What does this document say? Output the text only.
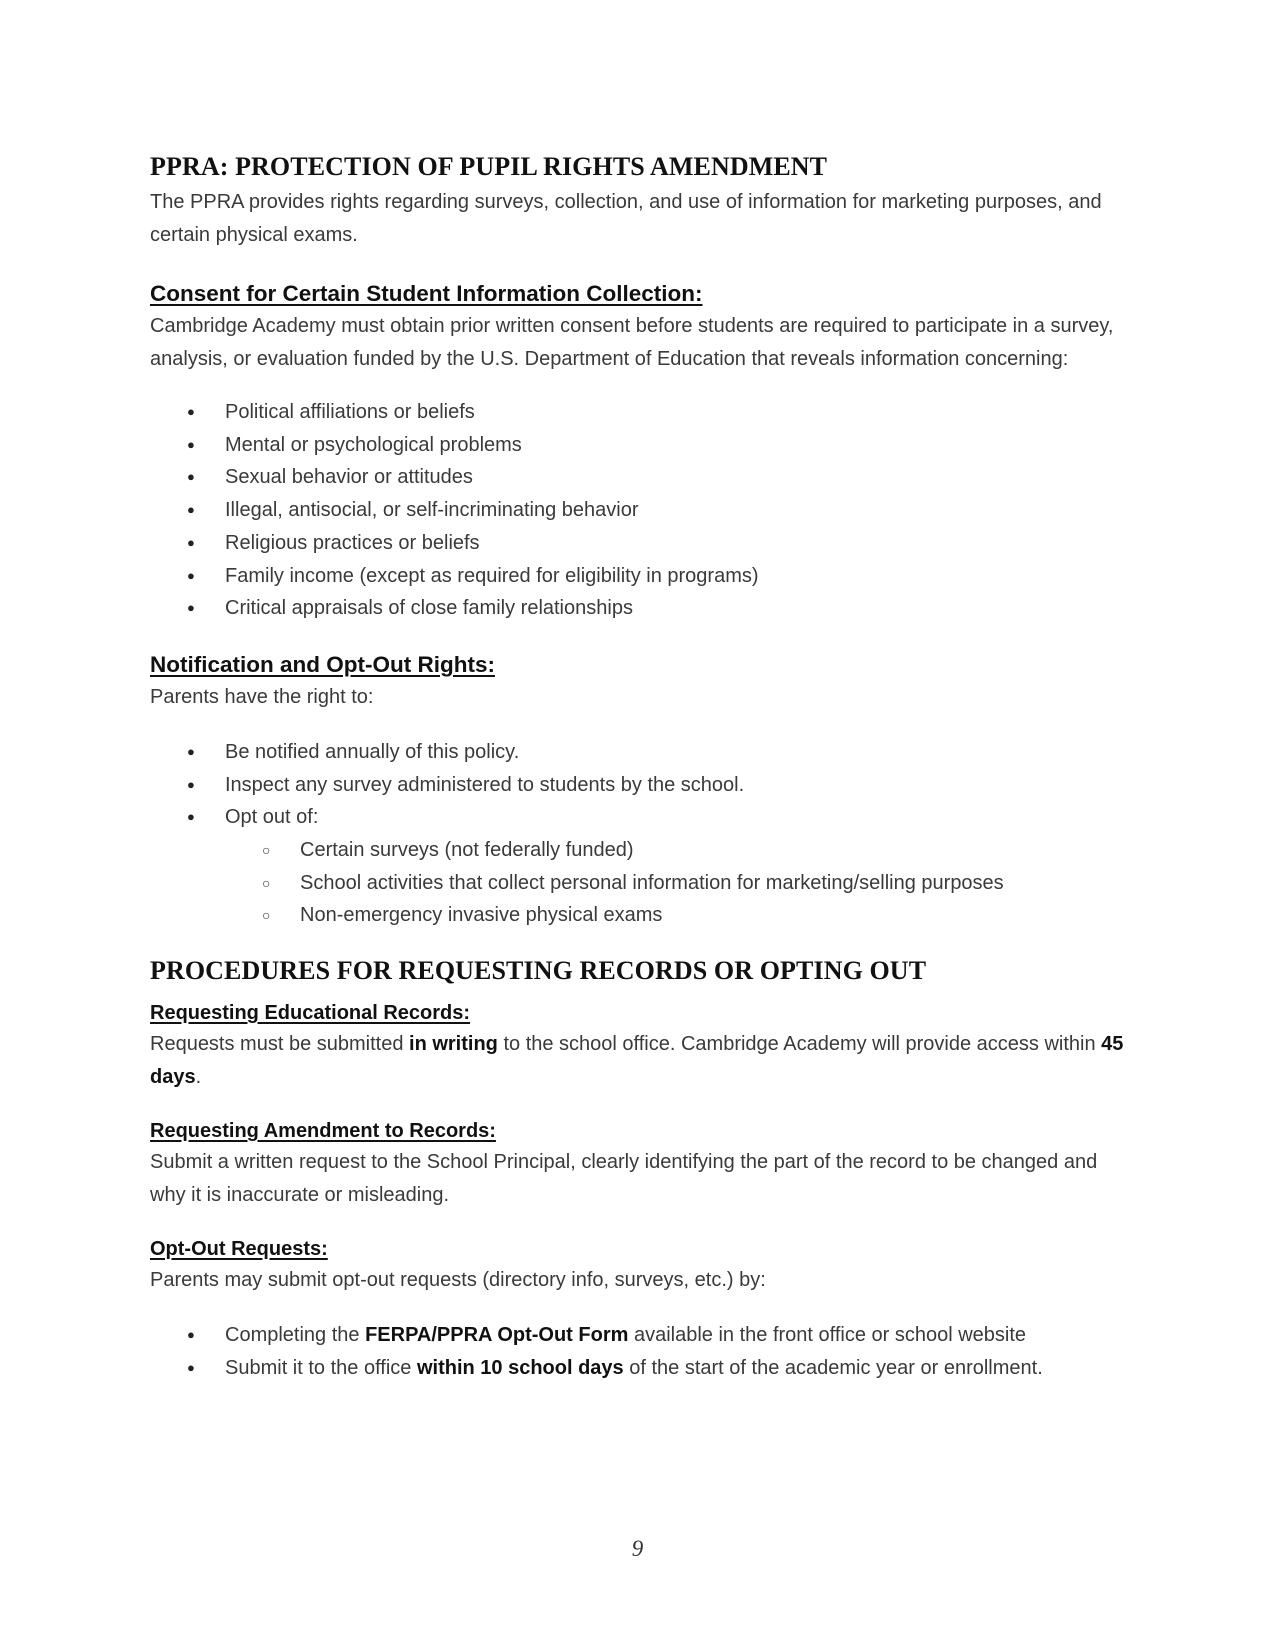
PPRA: PROTECTION OF PUPIL RIGHTS AMENDMENT

The PPRA provides rights regarding surveys, collection, and use of information for marketing purposes, and certain physical exams.

Consent for Certain Student Information Collection:

Cambridge Academy must obtain prior written consent before students are required to participate in a survey, analysis, or evaluation funded by the U.S. Department of Education that reveals information concerning:

● Political affiliations or beliefs
● Mental or psychological problems
● Sexual behavior or attitudes
● Illegal, antisocial, or self-incriminating behavior
● Religious practices or beliefs
● Family income (except as required for eligibility in programs)
● Critical appraisals of close family relationships
Notification and Opt-Out Rights:

Parents have the right to:

● Be notified annually of this policy.
● Inspect any survey administered to students by the school.
● Opt out of:
○ Certain surveys (not federally funded)
○ School activities that collect personal information for marketing/selling purposes
○ Non-emergency invasive physical exams
PROCEDURES FOR REQUESTING RECORDS OR OPTING OUT
Requesting Educational Records:

Requests must be submitted in writing to the school office. Cambridge Academy will provide access within 45 days.

Requesting Amendment to Records:

Submit a written request to the School Principal, clearly identifying the part of the record to be changed and why it is inaccurate or misleading.

Opt-Out Requests:

Parents may submit opt-out requests (directory info, surveys, etc.) by:

● Completing the FERPA/PPRA Opt-Out Form available in the front office or school website
● Submit it to the office within 10 school days of the start of the academic year or enrollment.
9
